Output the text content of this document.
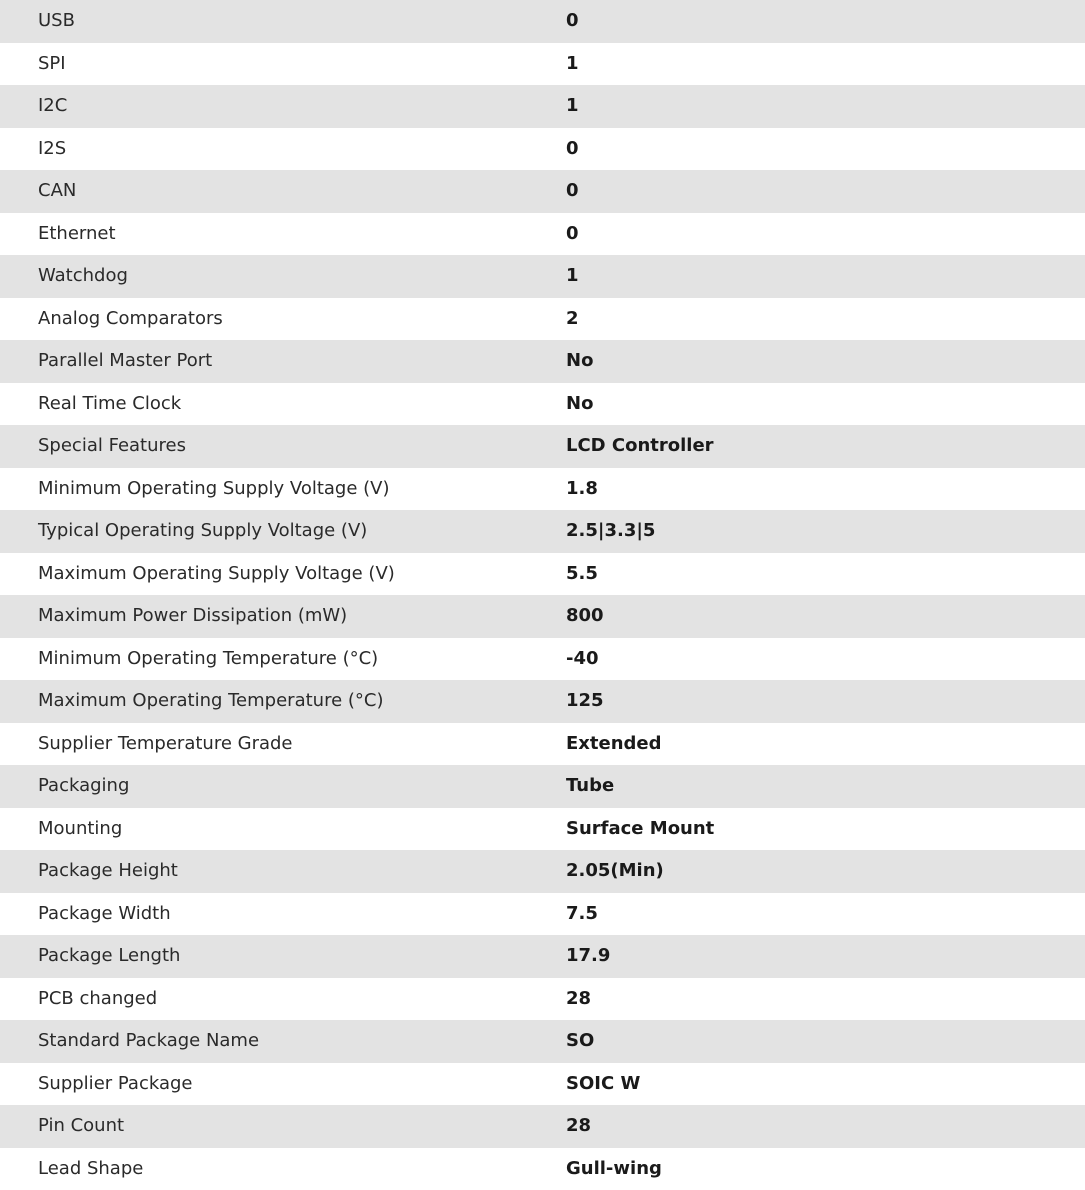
USB	0
SPI	1
I2C	1
I2S	0
CAN	0
Ethernet	0
Watchdog	1
Analog Comparators	2
Parallel Master Port	No
Real Time Clock	No
Special Features	LCD Controller
Minimum Operating Supply Voltage (V)	1.8
Typical Operating Supply Voltage (V)	2.5|3.3|5
Maximum Operating Supply Voltage (V)	5.5
Maximum Power Dissipation (mW)	800
Minimum Operating Temperature (°C)	-40
Maximum Operating Temperature (°C)	125
Supplier Temperature Grade	Extended
Packaging	Tube
Mounting	Surface Mount
Package Height	2.05(Min)
Package Width	7.5
Package Length	17.9
PCB changed	28
Standard Package Name	SO
Supplier Package	SOIC W
Pin Count	28
Lead Shape	Gull-wing
